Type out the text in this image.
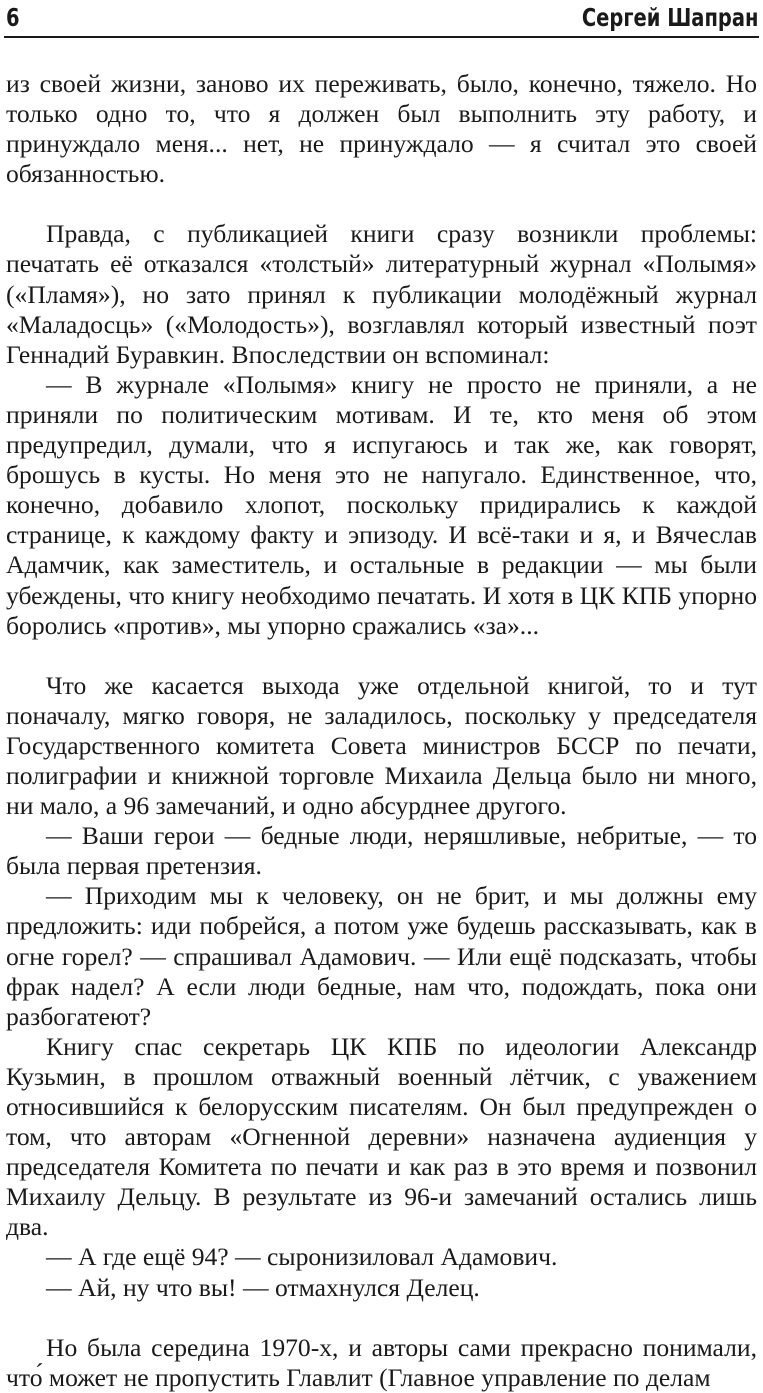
6	Сергей Шапран

из своей жизни, заново их переживать, было, конечно, тяжело. Но только одно то, что я должен был выполнить эту работу, и принуждало меня... нет, не принуждало — я считал это своей обязанностью.

Правда, с публикацией книги сразу возникли проблемы: печатать её отказался «толстый» литературный журнал «Полымя» («Пламя»), но зато принял к публикации молодёжный журнал «Маладосць» («Молодость»), возглавлял который известный поэт Геннадий Буравкин. Впоследствии он вспоминал:

— В журнале «Полымя» книгу не просто не приняли, а не приняли по политическим мотивам. И те, кто меня об этом предупредил, думали, что я испугаюсь и так же, как говорят, брошусь в кусты. Но меня это не напугало. Единственное, что, конечно, добавило хлопот, поскольку придирались к каждой странице, к каждому факту и эпизоду. И всё-таки и я, и Вячеслав Адамчик, как заместитель, и остальные в редакции — мы были убеждены, что книгу необходимо печатать. И хотя в ЦК КПБ упорно боролись «против», мы упорно сражались «за»...

Что же касается выхода уже отдельной книгой, то и тут поначалу, мягко говоря, не заладилось, поскольку у председателя Государственного комитета Совета министров БССР по печати, полиграфии и книжной торговле Михаила Дельца было ни много, ни мало, а 96 замечаний, и одно абсурднее другого.

— Ваши герои — бедные люди, неряшливые, небритые, — то была первая претензия.

— Приходим мы к человеку, он не брит, и мы должны ему предложить: иди побрейся, а потом уже будешь рассказывать, как в огне горел? — спрашивал Адамович. — Или ещё подсказать, чтобы фрак надел? А если люди бедные, нам что, подождать, пока они разбогатеют?

Книгу спас секретарь ЦК КПБ по идеологии Александр Кузьмин, в прошлом отважный военный лётчик, с уважением относившийся к белорусским писателям. Он был предупрежден о том, что авторам «Огненной деревни» назначена аудиенция у председателя Комитета по печати и как раз в это время и позвонил Михаилу Дельцу. В результате из 96-и замечаний остались лишь два.

— А где ещё 94? — сыронизиловал Адамович.

— Ай, ну что вы! — отмахнулся Делец.

Но была середина 1970-х, и авторы сами прекрасно понимали, что́ может не пропустить Главлит (Главное управление по делам
